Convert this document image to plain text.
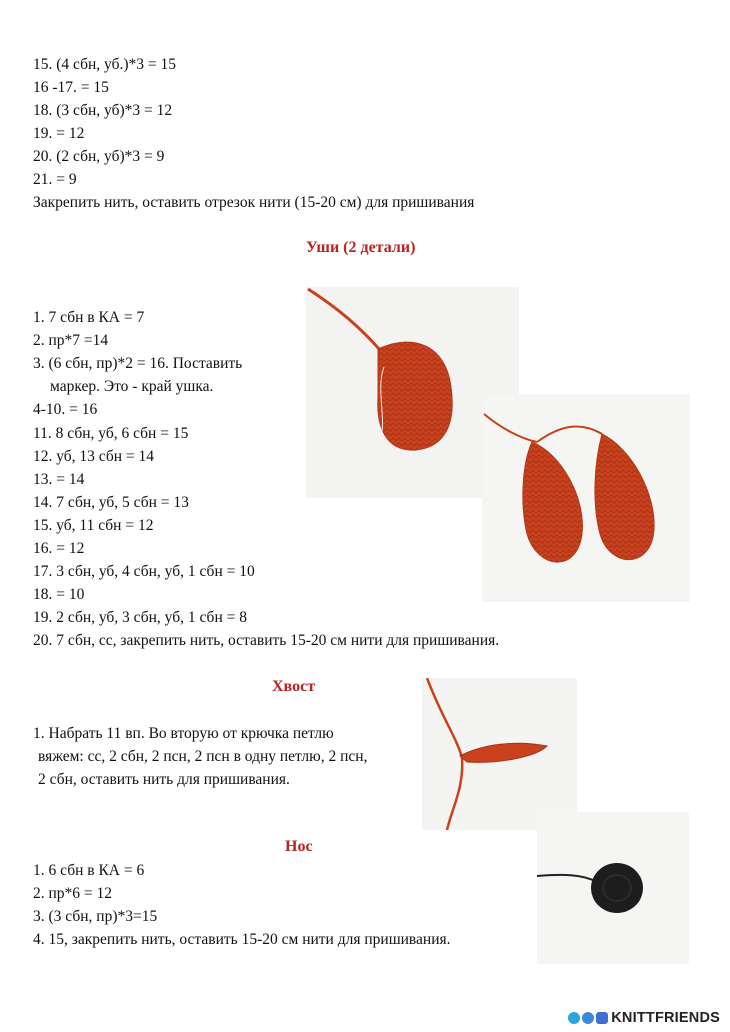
15. (4 сбн, уб.)*3 = 15
16 -17. = 15
18. (3 сбн, уб)*3 = 12
19. = 12
20. (2 сбн, уб)*3 = 9
21. = 9
Закрепить нить, оставить отрезок нити (15-20 см) для пришивания
Уши (2 детали)
1. 7 сбн в КА = 7
2. пр*7 =14
3. (6 сбн, пр)*2 = 16. Поставить
маркер. Это - край ушка.
4-10. = 16
11. 8 сбн, уб, 6 сбн = 15
12. уб, 13 сбн = 14
13. = 14
14. 7 сбн, уб, 5 сбн = 13
15. уб, 11 сбн = 12
16. = 12
17. 3 сбн, уб, 4 сбн, уб, 1 сбн = 10
18. = 10
19. 2 сбн, уб, 3 сбн, уб, 1 сбн = 8
20. 7 сбн, сс, закрепить нить, оставить 15-20 см нити для пришивания.
Хвост
1. Набрать 11 вп. Во вторую от крючка петлю
вяжем: сс, 2 сбн, 2 псн, 2 псн в одну петлю, 2 псн,
2 сбн, оставить нить для пришивания.
Нос
1. 6 сбн в КА = 6
2. пр*6 = 12
3. (3 сбн, пр)*3=15
4. 15, закрепить нить, оставить 15-20 см нити для пришивания.
KNITTFRIENDS
